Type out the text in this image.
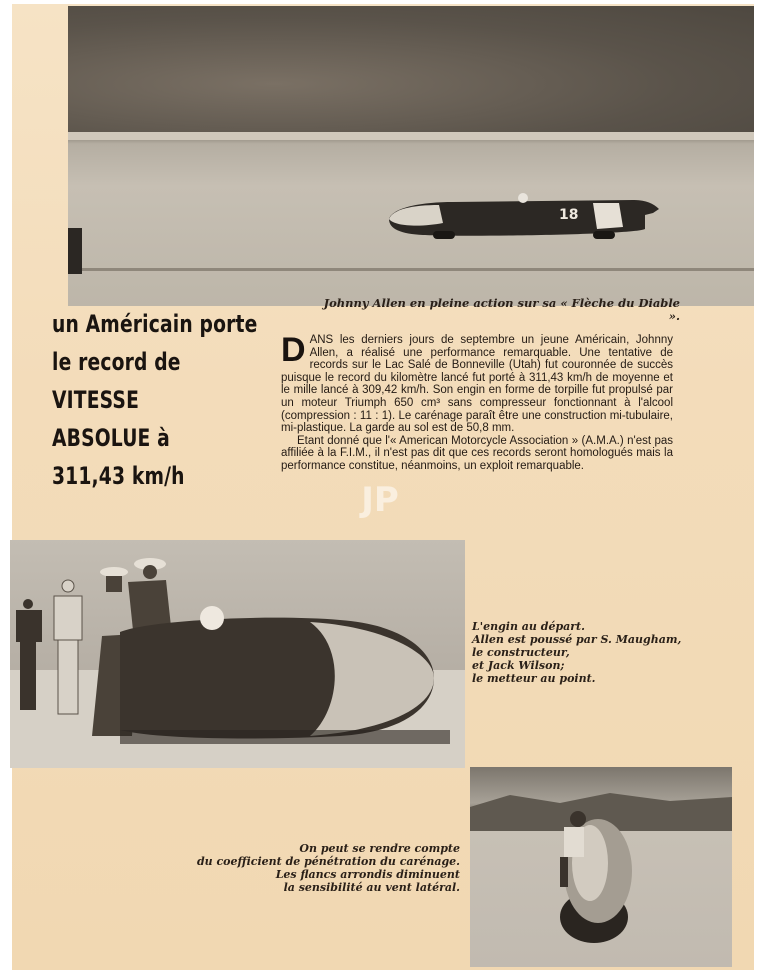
18
Johnny Allen en pleine action sur sa « Flèche du Diable ».
un Américain porte
le record de
VITESSE
ABSOLUE à
311,43 km/h

D ANS les derniers jours de septembre un jeune Américain, Johnny Allen, a réalisé une performance remarquable. Une tentative de records sur le Lac Salé de Bonneville (Utah) fut couronnée de succès puisque le record du kilomètre lancé fut porté à 311,43 km/h de moyenne et le mille lancé à 309,42 km/h. Son engin en forme de torpille fut propulsé par un moteur Triumph 650 cm³ sans compresseur fonctionnant à l'alcool (compression : 11 : 1). Le carénage paraît être une construction mi-tubulaire, mi-plastique. La garde au sol est de 50,8 mm.

Etant donné que l'« American Motorcycle Association » (A.M.A.) n'est pas affiliée à la F.I.M., il n'est pas dit que ces records seront homologués mais la performance constitue, néanmoins, un exploit remarquable.

JP
L'engin au départ.
Allen est poussé par S. Maugham,
le constructeur,
et Jack Wilson;
le metteur au point.
On peut se rendre compte
du coefficient de pénétration du carénage.
Les flancs arrondis diminuent
la sensibilité au vent latéral.
